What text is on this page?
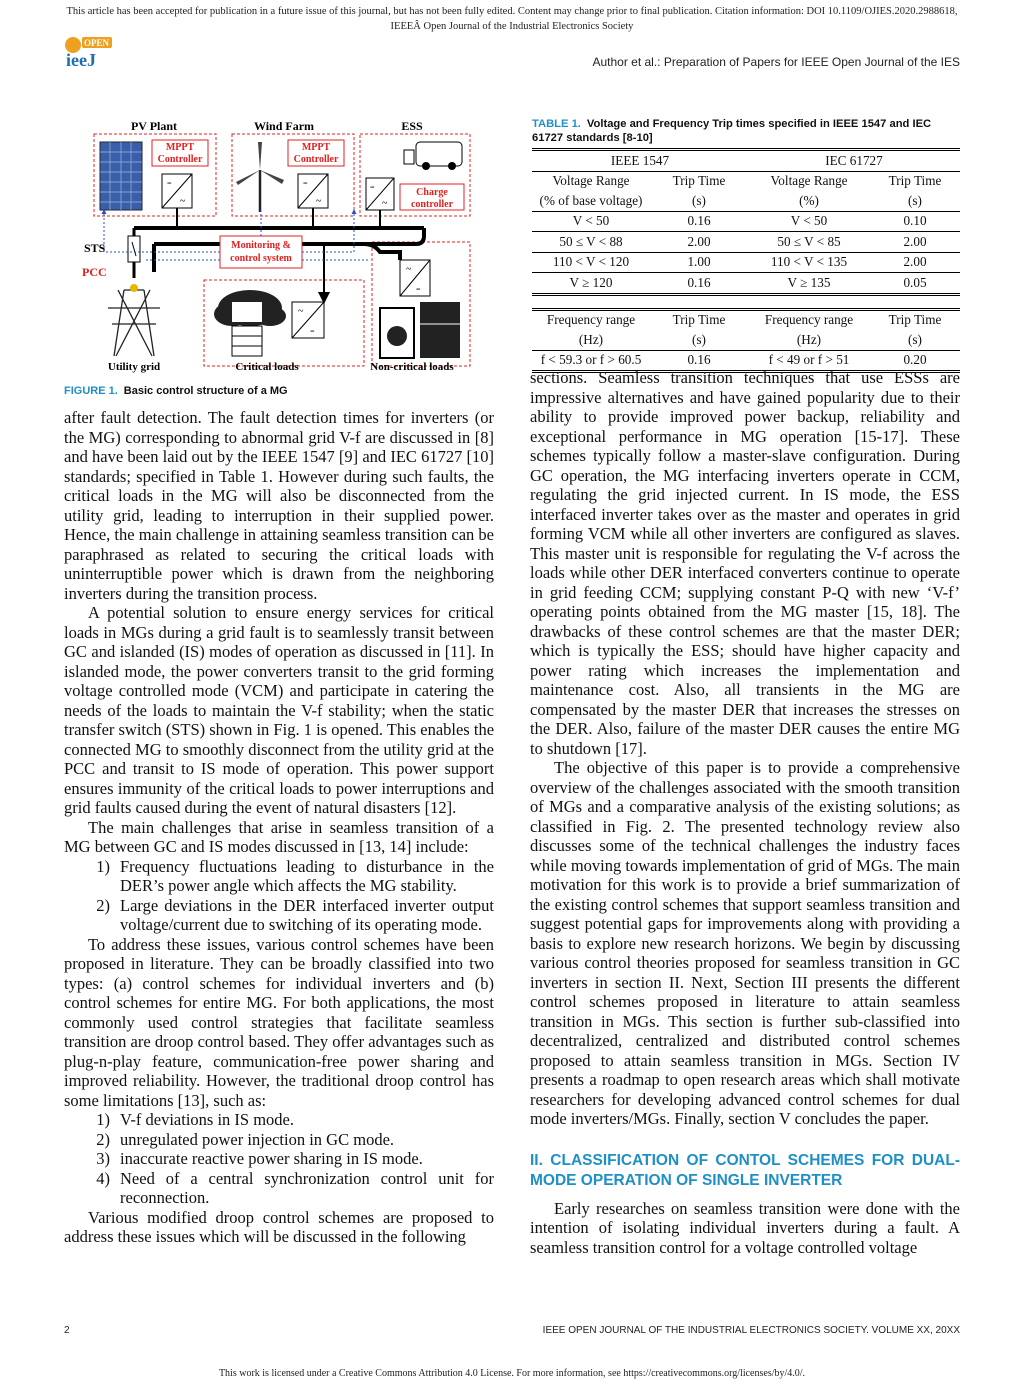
This article has been accepted for publication in a future issue of this journal, but has not been fully edited. Content may change prior to final publication. Citation information: DOI 10.1109/OJIES.2020.2988618,
IEEEÂ Open Journal of the Industrial Electronics Society
OPEN
ieeJ	Author et al.: Preparation of Papers for IEEE Open Journal of the IES
PV Plant	Wind Farm	ESS
MPPT
Controller
MPPT
Controller
=
~
=
~
=
~
Charge
controller
STS
PCC
Monitoring &
control system
~
=
~
=
Utility grid	Critical loads	Non-critical loads
FIGURE 1. Basic control structure of a MG

after fault detection. The fault detection times for inverters (or the MG) corresponding to abnormal grid V-f are discussed in [8] and have been laid out by the IEEE 1547 [9] and IEC 61727 [10] standards; specified in Table 1. However during such faults, the critical loads in the MG will also be disconnected from the utility grid, leading to interruption in their supplied power. Hence, the main challenge in attaining seamless transition can be paraphrased as related to securing the critical loads with uninterruptible power which is drawn from the neighboring inverters during the transition process.

A potential solution to ensure energy services for critical loads in MGs during a grid fault is to seamlessly transit between GC and islanded (IS) modes of operation as discussed in [11]. In islanded mode, the power converters transit to the grid forming voltage controlled mode (VCM) and participate in catering the needs of the loads to maintain the V-f stability; when the static transfer switch (STS) shown in Fig. 1 is opened. This enables the connected MG to smoothly disconnect from the utility grid at the PCC and transit to IS mode of operation. This power support ensures immunity of the critical loads to power interruptions and grid faults caused during the event of natural disasters [12].

The main challenges that arise in seamless transition of a MG between GC and IS modes discussed in [13, 14] include:

1) Frequency fluctuations leading to disturbance in the DER’s power angle which affects the MG stability.
2) Large deviations in the DER interfaced inverter output voltage/current due to switching of its operating mode.

To address these issues, various control schemes have been proposed in literature. They can be broadly classified into two types: (a) control schemes for individual inverters and (b) control schemes for entire MG. For both applications, the most commonly used control strategies that facilitate seamless transition are droop control based. They offer advantages such as plug-n-play feature, communication-free power sharing and improved reliability. However, the traditional droop control has some limitations [13], such as:

1) V-f deviations in IS mode.
2) unregulated power injection in GC mode.
3) inaccurate reactive power sharing in IS mode.
4) Need of a central synchronization control unit for reconnection.

Various modified droop control schemes are proposed to address these issues which will be discussed in the following

TABLE 1. Voltage and Frequency Trip times specified in IEEE 1547 and IEC 61727 standards [8-10]
IEEE 1547		IEC 61727	
Voltage Range	Trip Time	Voltage Range	Trip Time
(% of base voltage)	(s)	(%)	(s)
V < 50	0.16	V < 50	0.10
50 ≤ V < 88	2.00	50 ≤ V < 85	2.00
110 < V < 120	1.00	110 < V < 135	2.00
V ≥ 120	0.16	V ≥ 135	0.05

Frequency range	Trip Time	Frequency range	Trip Time
(Hz)	(s)	(Hz)	(s)
f < 59.3 or f > 60.5	0.16	f < 49 or f > 51	0.20

sections. Seamless transition techniques that use ESSs are impressive alternatives and have gained popularity due to their ability to provide improved power backup, reliability and exceptional performance in MG operation [15-17]. These schemes typically follow a master-slave configuration. During GC operation, the MG interfacing inverters operate in CCM, regulating the grid injected current. In IS mode, the ESS interfaced inverter takes over as the master and operates in grid forming VCM while all other inverters are configured as slaves. This master unit is responsible for regulating the V-f across the loads while other DER interfaced converters continue to operate in grid feeding CCM; supplying constant P-Q with new ‘V-f’ operating points obtained from the MG master [15, 18]. The drawbacks of these control schemes are that the master DER; which is typically the ESS; should have higher capacity and power rating which increases the implementation and maintenance cost. Also, all transients in the MG are compensated by the master DER that increases the stresses on the DER. Also, failure of the master DER causes the entire MG to shutdown [17].

The objective of this paper is to provide a comprehensive overview of the challenges associated with the smooth transition of MGs and a comparative analysis of the existing solutions; as classified in Fig. 2. The presented technology review also discusses some of the technical challenges the industry faces while moving towards implementation of grid of MGs. The main motivation for this work is to provide a brief summarization of the existing control schemes that support seamless transition and suggest potential gaps for improvements along with providing a basis to explore new research horizons. We begin by discussing various control theories proposed for seamless transition in GC inverters in section II. Next, Section III presents the different control schemes proposed in literature to attain seamless transition in MGs. This section is further sub-classified into decentralized, centralized and distributed control schemes proposed to attain seamless transition in MGs. Section IV presents a roadmap to open research areas which shall motivate researchers for developing advanced control schemes for dual mode inverters/MGs. Finally, section V concludes the paper.

II. CLASSIFICATION OF CONTOL SCHEMES FOR DUAL-MODE OPERATION OF SINGLE INVERTER

Early researches on seamless transition were done with the intention of isolating individual inverters during a fault. A seamless transition control for a voltage controlled voltage

2	IEEE OPEN JOURNAL OF THE INDUSTRIAL ELECTRONICS SOCIETY. VOLUME XX, 20XX
This work is licensed under a Creative Commons Attribution 4.0 License. For more information, see https://creativecommons.org/licenses/by/4.0/.
